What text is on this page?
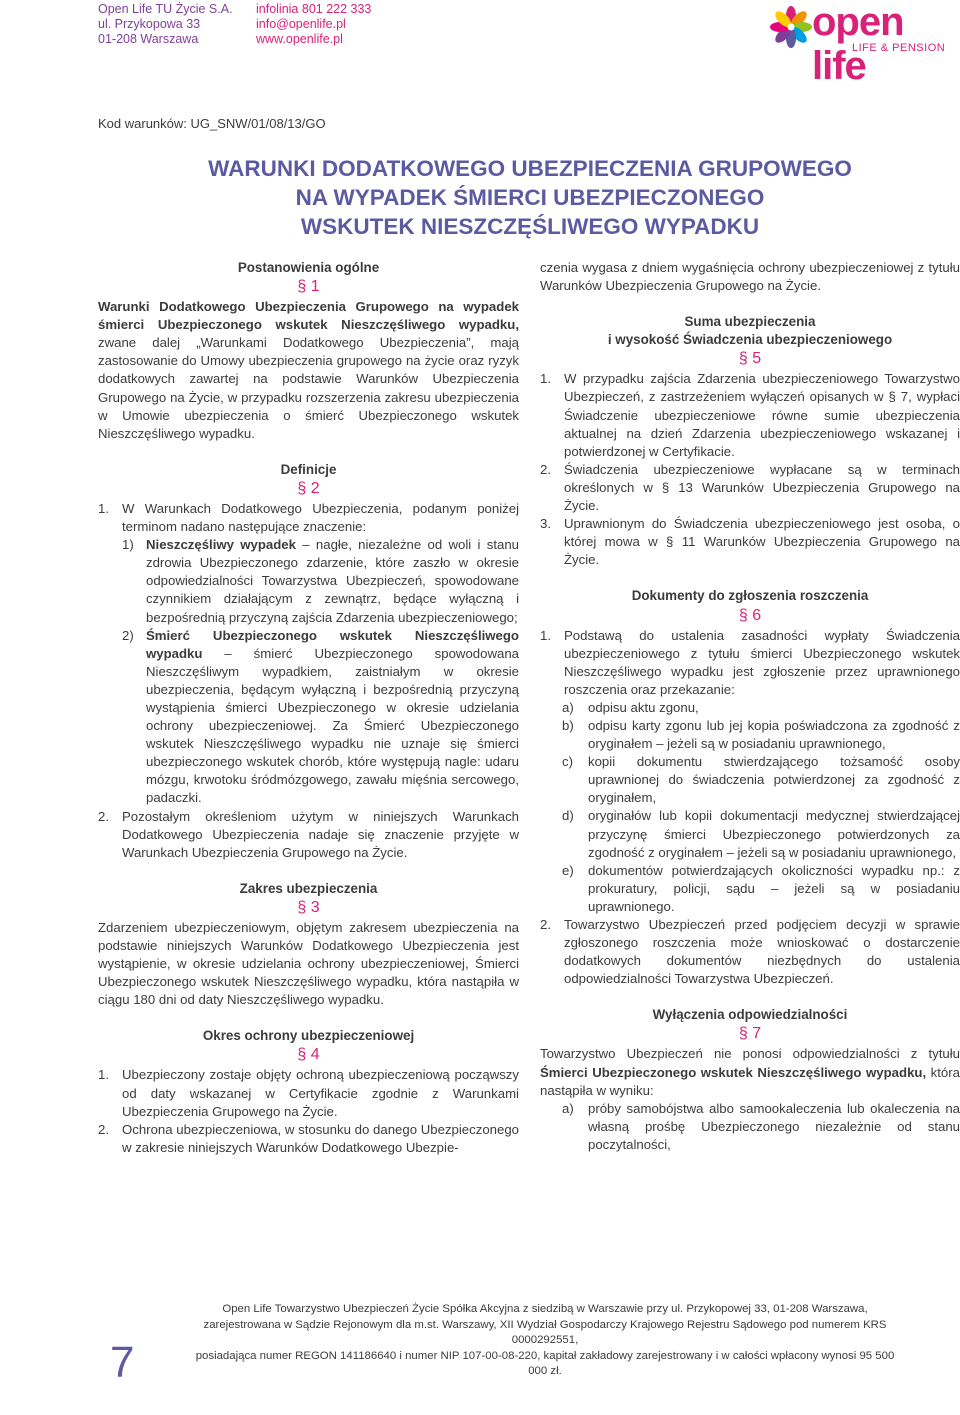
Open Life TU Życie S.A.
ul. Przykopowa 33
01-208 Warszawa
infolinia 801 222 333
info@openlife.pl
www.openlife.pl	open life
LIFE & PENSION
Kod warunków: UG_SNW/01/08/13/GO
WARUNKI DODATKOWEGO UBEZPIECZENIA GRUPOWEGO
NA WYPADEK ŚMIERCI UBEZPIECZONEGO
WSKUTEK NIESZCZĘŚLIWEGO WYPADKU

Postanowienia ogólne

§ 1

Warunki Dodatkowego Ubezpieczenia Grupowego na wypadek śmierci Ubezpieczonego wskutek Nieszczęśliwego wypadku, zwane dalej „Warunkami Dodatkowego Ubezpieczenia”, mają zastosowanie do Umowy ubezpieczenia grupowego na życie oraz ryzyk dodatkowych zawartej na podstawie Warunków Ubezpieczenia Grupowego na Życie, w przypadku rozszerzenia zakresu ubezpieczenia w Umowie ubezpieczenia o śmierć Ubezpieczonego wskutek Nieszczęśliwego wypadku.

Definicje

§ 2

1. W Warunkach Dodatkowego Ubezpieczenia, podanym poniżej terminom nadano następujące znaczenie:
1) Nieszczęśliwy wypadek – nagłe, niezależne od woli i stanu zdrowia Ubezpieczonego zdarzenie, które zaszło w okresie odpowiedzialności Towarzystwa Ubezpieczeń, spowodowane czynnikiem działającym z zewnątrz, będące wyłączną i bezpośrednią przyczyną zajścia Zdarzenia ubezpieczeniowego;
2) Śmierć Ubezpieczonego wskutek Nieszczęśliwego wypadku – śmierć Ubezpieczonego spowodowana Nieszczęśliwym wypadkiem, zaistniałym w okresie ubezpieczenia, będącym wyłączną i bezpośrednią przyczyną wystąpienia śmierci Ubezpieczonego w okresie udzielania ochrony ubezpieczeniowej. Za Śmierć Ubezpieczonego wskutek Nieszczęśliwego wypadku nie uznaje się śmierci ubezpieczonego wskutek chorób, które występują nagle: udaru mózgu, krwotoku śródmózgowego, zawału mięśnia sercowego, padaczki.
2. Pozostałym określeniom użytym w niniejszych Warunkach Dodatkowego Ubezpieczenia nadaje się znaczenie przyjęte w Warunkach Ubezpieczenia Grupowego na Życie.

Zakres ubezpieczenia

§ 3

Zdarzeniem ubezpieczeniowym, objętym zakresem ubezpieczenia na podstawie niniejszych Warunków Dodatkowego Ubezpieczenia jest wystąpienie, w okresie udzielania ochrony ubezpieczeniowej, Śmierci Ubezpieczonego wskutek Nieszczęśliwego wypadku, która nastąpiła w ciągu 180 dni od daty Nieszczęśliwego wypadku.

Okres ochrony ubezpieczeniowej

§ 4

1. Ubezpieczony zostaje objęty ochroną ubezpieczeniową począwszy od daty wskazanej w Certyfikacie zgodnie z Warunkami Ubezpieczenia Grupowego na Życie.
2. Ochrona ubezpieczeniowa, w stosunku do danego Ubezpieczonego w zakresie niniejszych Warunków Dodatkowego Ubezpie-

czenia wygasa z dniem wygaśnięcia ochrony ubezpieczeniowej z tytułu Warunków Ubezpieczenia Grupowego na Życie.

Suma ubezpieczenia

i wysokość Świadczenia ubezpieczeniowego

§ 5

1. W przypadku zajścia Zdarzenia ubezpieczeniowego Towarzystwo Ubezpieczeń, z zastrzeżeniem wyłączeń opisanych w § 7, wypłaci Świadczenie ubezpieczeniowe równe sumie ubezpieczenia aktualnej na dzień Zdarzenia ubezpieczeniowego wskazanej i potwierdzonej w Certyfikacie.
2. Świadczenia ubezpieczeniowe wypłacane są w terminach określonych w § 13 Warunków Ubezpieczenia Grupowego na Życie.
3. Uprawnionym do Świadczenia ubezpieczeniowego jest osoba, o której mowa w § 11 Warunków Ubezpieczenia Grupowego na Życie.

Dokumenty do zgłoszenia roszczenia

§ 6

1. Podstawą do ustalenia zasadności wypłaty Świadczenia ubezpieczeniowego z tytułu śmierci Ubezpieczonego wskutek Nieszczęśliwego wypadku jest zgłoszenie przez uprawnionego roszczenia oraz przekazanie:
a)	odpisu aktu zgonu,
b)	odpisu karty zgonu lub jej kopia poświadczona za zgodność z oryginałem – jeżeli są w posiadaniu uprawnionego,
c)	kopii dokumentu stwierdzającego tożsamość osoby uprawnionej do świadczenia potwierdzonej za zgodność z oryginałem,
d)	oryginałów lub kopii dokumentacji medycznej stwierdzającej przyczynę śmierci Ubezpieczonego potwierdzonych za zgodność z oryginałem – jeżeli są w posiadaniu uprawnionego,
e)	dokumentów potwierdzających okoliczności wypadku np.: z prokuratury, policji, sądu – jeżeli są w posiadaniu uprawnionego.
2. Towarzystwo Ubezpieczeń przed podjęciem decyzji w sprawie zgłoszonego roszczenia może wnioskować o dostarczenie dodatkowych dokumentów niezbędnych do ustalenia odpowiedzialności Towarzystwa Ubezpieczeń.

Wyłączenia odpowiedzialności

§ 7

Towarzystwo Ubezpieczeń nie ponosi odpowiedzialności z tytułu Śmierci Ubezpieczonego wskutek Nieszczęśliwego wypadku, która nastąpiła w wyniku:

a)	próby samobójstwa albo samookaleczenia lub okaleczenia na własną prośbę Ubezpieczonego niezależnie od stanu poczytalności,
Open Life Towarzystwo Ubezpieczeń Życie Spółka Akcyjna z siedzibą w Warszawie przy ul. Przykopowej 33, 01-208 Warszawa,
zarejestrowana w Sądzie Rejonowym dla m.st. Warszawy, XII Wydział Gospodarczy Krajowego Rejestru Sądowego pod numerem KRS 0000292551,
posiadająca numer REGON 141186640 i numer NIP 107-00-08-220, kapitał zakładowy zarejestrowany i w całości wpłacony wynosi 95 500 000 zł.
7
